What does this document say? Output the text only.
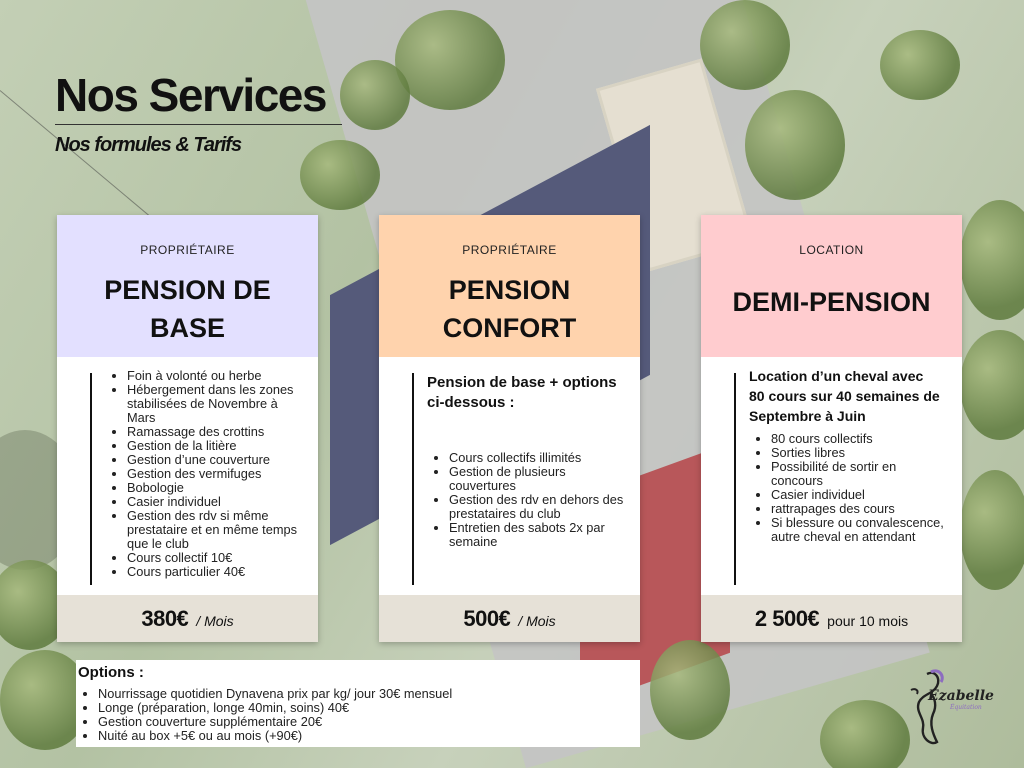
Nos Services
Nos formules & Tarifs
PROPRIÉTAIRE
PENSION DE
BASE
• Foin à volonté ou herbe
• Hébergement dans les zones stabilisées de Novembre à Mars
• Ramassage des crottins
• Gestion de la litière
• Gestion d’une couverture
• Gestion des vermifuges
• Bobologie
• Casier individuel
• Gestion des rdv si même prestataire et en même temps que le club
• Cours collectif 10€
• Cours particulier 40€
380€ / Mois
PROPRIÉTAIRE
PENSION
CONFORT
Pension de base + options ci-dessous :
• Cours collectifs illimités
• Gestion de plusieurs couvertures
• Gestion des rdv en dehors des prestataires du club
• Entretien des sabots 2x par semaine
500€ / Mois
LOCATION
DEMI-PENSION
Location d’un cheval avec 80 cours sur 40 semaines de Septembre à Juin
• 80 cours collectifs
• Sorties libres
• Possibilité de sortir en concours
• Casier individuel
• rattrapages des cours
• Si blessure ou convalescence, autre cheval en attendant
2 500€ pour 10 mois
Options :
• Nourrissage quotidien Dynavena prix par kg/ jour 30€ mensuel
• Longe (préparation, longe 40min, soins) 40€
• Gestion couverture supplémentaire 20€
• Nuité au box +5€ ou au mois (+90€)
Ezabelle
Équitation
